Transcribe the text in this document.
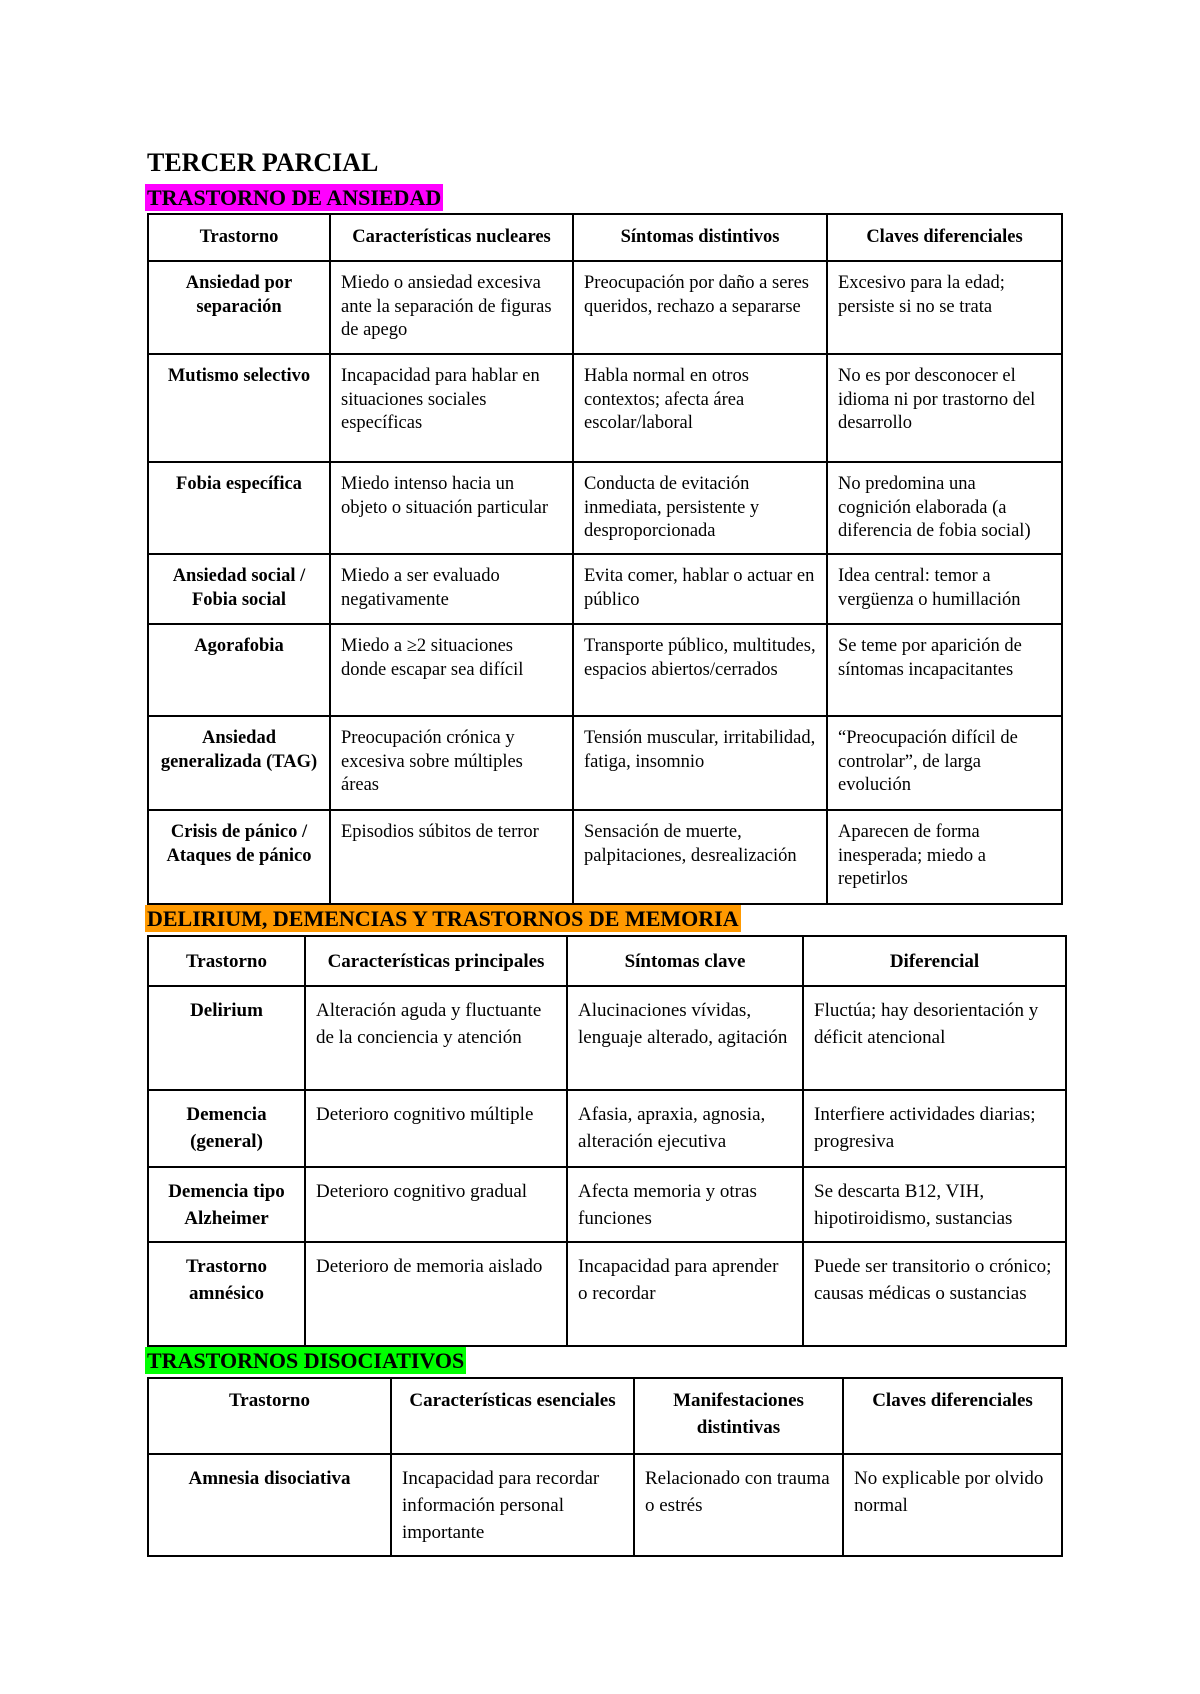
TERCER PARCIAL
TRASTORNO DE ANSIEDAD
Trastorno	Características nucleares	Síntomas distintivos	Claves diferenciales
Ansiedad por separación	Miedo o ansiedad excesiva ante la separación de figuras de apego	Preocupación por daño a seres queridos, rechazo a separarse	Excesivo para la edad; persiste si no se trata
Mutismo selectivo	Incapacidad para hablar en situaciones sociales específicas	Habla normal en otros contextos; afecta área escolar/laboral	No es por desconocer el idioma ni por trastorno del desarrollo
Fobia específica	Miedo intenso hacia un objeto o situación particular	Conducta de evitación inmediata, persistente y desproporcionada	No predomina una cognición elaborada (a diferencia de fobia social)
Ansiedad social / Fobia social	Miedo a ser evaluado negativamente	Evita comer, hablar o actuar en público	Idea central: temor a vergüenza o humillación
Agorafobia	Miedo a ≥2 situaciones donde escapar sea difícil	Transporte público, multitudes, espacios abiertos/cerrados	Se teme por aparición de síntomas incapacitantes
Ansiedad generalizada (TAG)	Preocupación crónica y excesiva sobre múltiples áreas	Tensión muscular, irritabilidad, fatiga, insomnio	“Preocupación difícil de controlar”, de larga evolución
Crisis de pánico / Ataques de pánico	Episodios súbitos de terror	Sensación de muerte, palpitaciones, desrealización	Aparecen de forma inesperada; miedo a repetirlos
DELIRIUM, DEMENCIAS Y TRASTORNOS DE MEMORIA
Trastorno	Características principales	Síntomas clave	Diferencial
Delirium	Alteración aguda y fluctuante de la conciencia y atención	Alucinaciones vívidas, lenguaje alterado, agitación	Fluctúa; hay desorientación y déficit atencional
Demencia (general)	Deterioro cognitivo múltiple	Afasia, apraxia, agnosia, alteración ejecutiva	Interfiere actividades diarias; progresiva
Demencia tipo Alzheimer	Deterioro cognitivo gradual	Afecta memoria y otras funciones	Se descarta B12, VIH, hipotiroidismo, sustancias
Trastorno amnésico	Deterioro de memoria aislado	Incapacidad para aprender o recordar	Puede ser transitorio o crónico; causas médicas o sustancias
TRASTORNOS DISOCIATIVOS
Trastorno	Características esenciales	Manifestaciones distintivas	Claves diferenciales
Amnesia disociativa	Incapacidad para recordar información personal importante	Relacionado con trauma o estrés	No explicable por olvido normal
